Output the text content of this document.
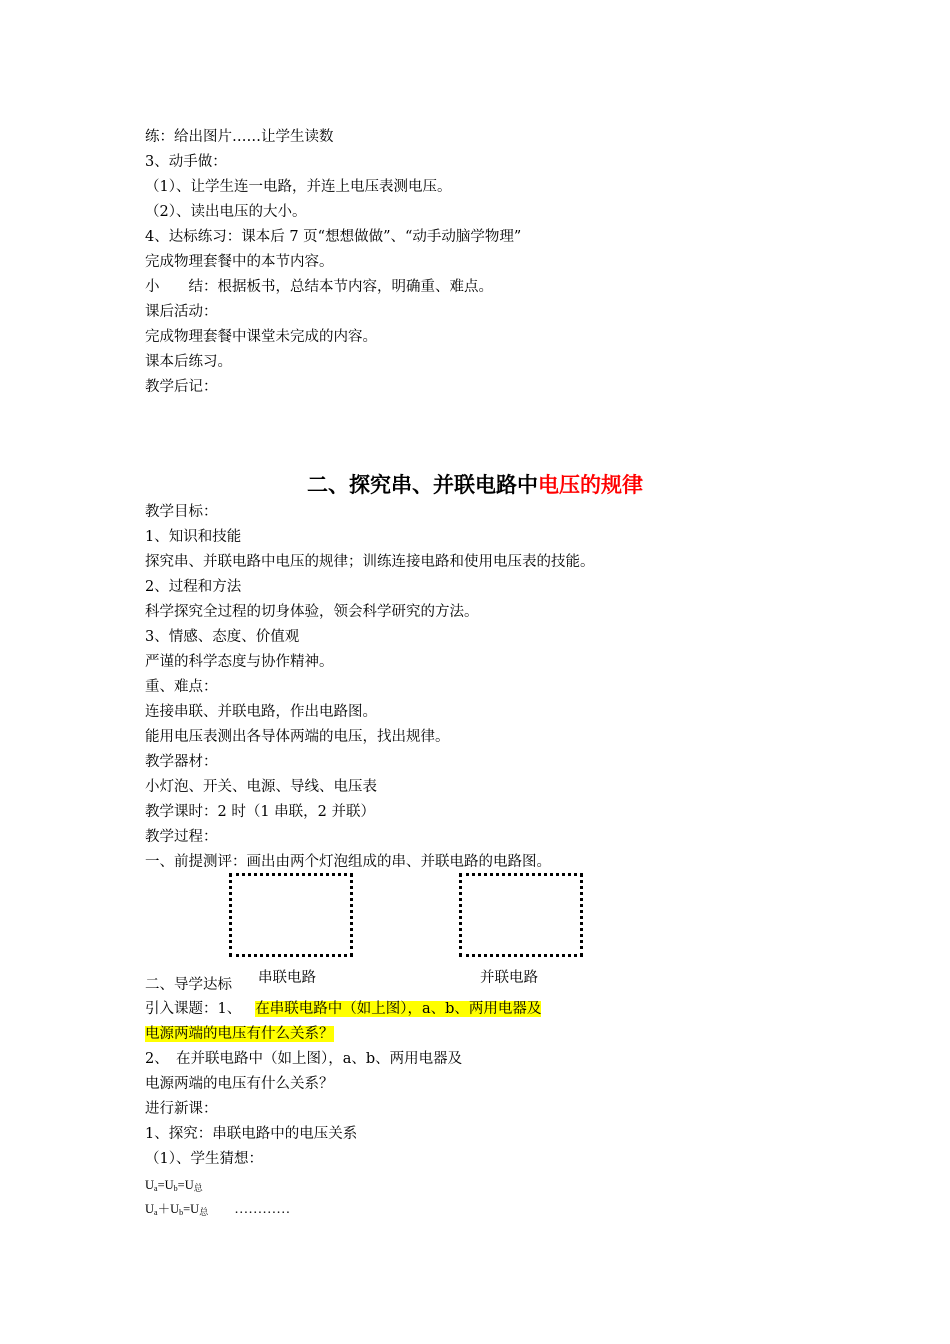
练：给出图片……让学生读数
3、动手做：
（1）、让学生连一电路，并连上电压表测电压。
（2）、读出电压的大小。
4、达标练习：课本后 7 页“想想做做”、“动手动脑学物理”
完成物理套餐中的本节内容。
小　　结：根据板书，总结本节内容，明确重、难点。
课后活动：
完成物理套餐中课堂未完成的内容。
课本后练习。
教学后记：
二、探究串、并联电路中电压的规律
教学目标：
1、知识和技能
探究串、并联电路中电压的规律；训练连接电路和使用电压表的技能。
2、过程和方法
科学探究全过程的切身体验，领会科学研究的方法。
3、情感、态度、价值观
严谨的科学态度与协作精神。
重、难点：
连接串联、并联电路，作出电路图。
能用电压表测出各导体两端的电压，找出规律。
教学器材：
小灯泡、开关、电源、导线、电压表
教学课时：2 时（1 串联，2 并联）
教学过程：
一、前提测评：画出由两个灯泡组成的串、并联电路的电路图。
串联电路	并联电路
二、导学达标
引入课题：1、 在串联电路中（如上图），a、b、两用电器及
电源两端的电压有什么关系？
2、　在并联电路中（如上图），a、b、两用电器及
电源两端的电压有什么关系？
进行新课：
1、探究：串联电路中的电压关系
（1）、学生猜想：
$U_a=U_b=U_总$
$U_a+U_b=U_总$ …………
